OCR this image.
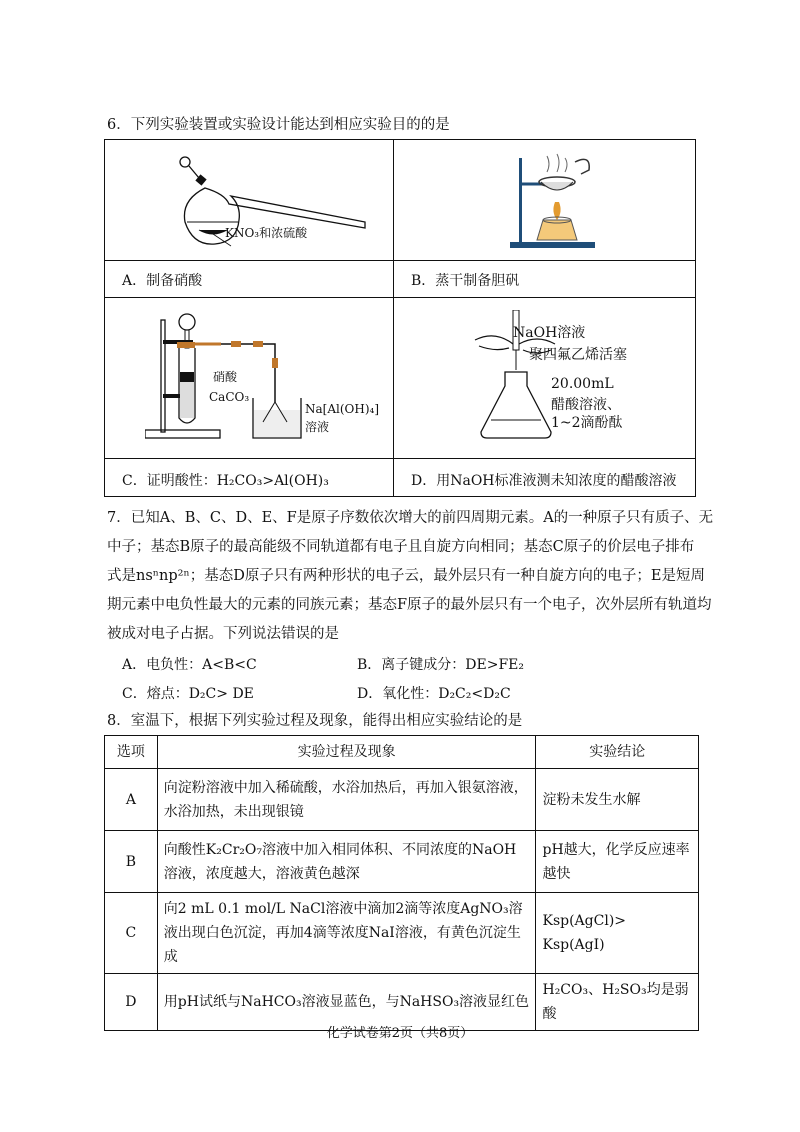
6．下列实验装置或实验设计能达到相应实验目的的是
KNO₃和浓硫酸
A．制备硝酸	B．蒸干制备胆矾
硝酸
CaCO₃
Na[Al(OH)₄]
溶液
C．证明酸性：H₂CO₃>Al(OH)₃
NaOH溶液
聚四氟乙烯活塞
20.00mL
醋酸溶液、
1~2滴酚酞
D．用NaOH标准液测未知浓度的醋酸溶液
7．已知A、B、C、D、E、F是原子序数依次增大的前四周期元素。A的一种原子只有质子、无
中子；基态B原子的最高能级不同轨道都有电子且自旋方向相同；基态C原子的价层电子排布
式是nsⁿnp²ⁿ；基态D原子只有两种形状的电子云，最外层只有一种自旋方向的电子；E是短周
期元素中电负性最大的元素的同族元素；基态F原子的最外层只有一个电子，次外层所有轨道均
被成对电子占据。下列说法错误的是
A．电负性：A<B<C	B．离子键成分：DE>FE₂
C．熔点：D₂C> DE	D．氧化性：D₂C₂<D₂C
8．室温下，根据下列实验过程及现象，能得出相应实验结论的是
选项	实验过程及现象	实验结论
A	向淀粉溶液中加入稀硫酸，水浴加热后，再加入银氨溶液，水浴加热，未出现银镜	淀粉未发生水解
B	向酸性K₂Cr₂O₇溶液中加入相同体积、不同浓度的NaOH溶液，浓度越大，溶液黄色越深	pH越大，化学反应速率越快
C	向2 mL 0.1 mol/L NaCl溶液中滴加2滴等浓度AgNO₃溶液出现白色沉淀，再加4滴等浓度NaI溶液，有黄色沉淀生成	Ksp(AgCl)> Ksp(AgI)
D	用pH试纸与NaHCO₃溶液显蓝色，与NaHSO₃溶液显红色	H₂CO₃、H₂SO₃均是弱酸
化学试卷第2页（共8页）
